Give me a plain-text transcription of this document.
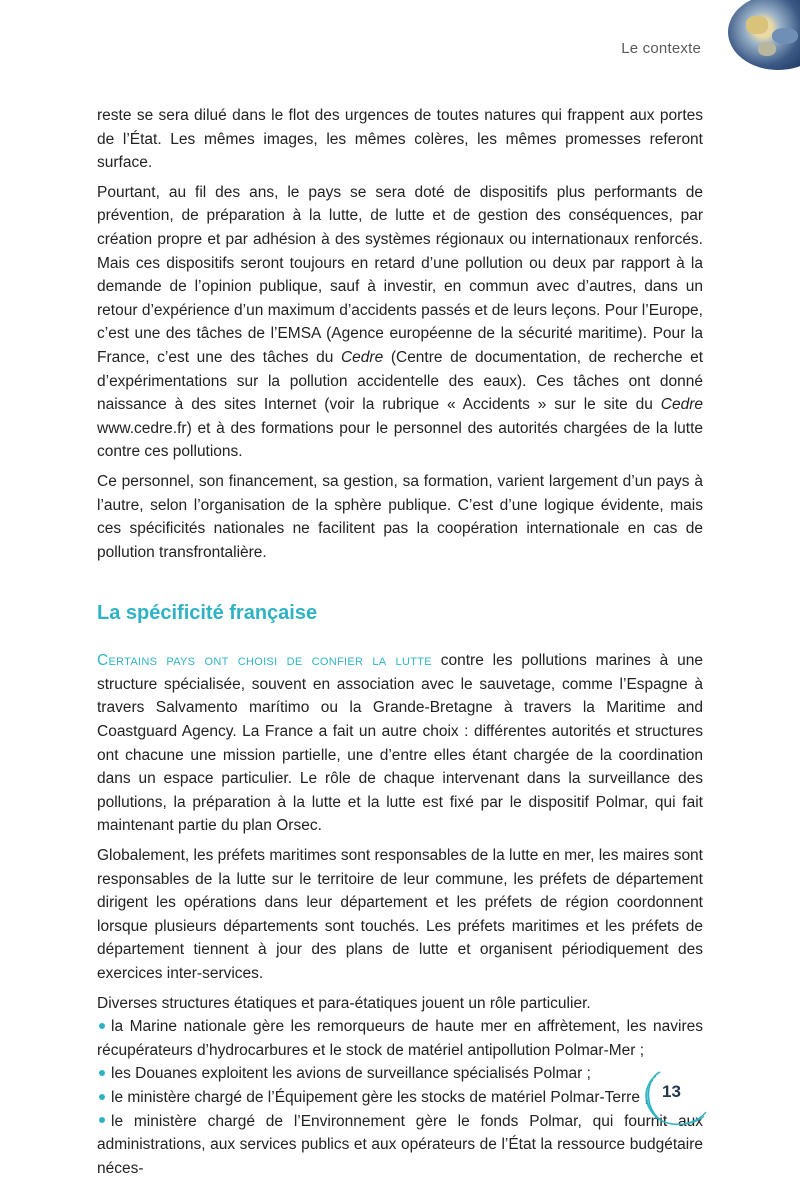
Le contexte

reste se sera dilué dans le flot des urgences de toutes natures qui frappent aux portes de l’État. Les mêmes images, les mêmes colères, les mêmes promesses referont surface.

Pourtant, au fil des ans, le pays se sera doté de dispositifs plus performants de prévention, de préparation à la lutte, de lutte et de gestion des conséquences, par création propre et par adhésion à des systèmes régionaux ou internationaux renforcés. Mais ces dispositifs seront toujours en retard d’une pollution ou deux par rapport à la demande de l’opinion publique, sauf à investir, en commun avec d’autres, dans un retour d’expérience d’un maximum d’accidents passés et de leurs leçons. Pour l’Europe, c’est une des tâches de l’EMSA (Agence européenne de la sécurité maritime). Pour la France, c’est une des tâches du Cedre (Centre de documentation, de recherche et d’expérimentations sur la pollution accidentelle des eaux). Ces tâches ont donné naissance à des sites Internet (voir la rubrique « Accidents » sur le site du Cedre www.cedre.fr) et à des formations pour le personnel des autorités chargées de la lutte contre ces pollutions.

Ce personnel, son financement, sa gestion, sa formation, varient largement d’un pays à l’autre, selon l’organisation de la sphère publique. C’est d’une logique évidente, mais ces spécificités nationales ne facilitent pas la coopération internationale en cas de pollution transfrontalière.

La spécificité française

Certains pays ont choisi de confier la lutte contre les pollutions marines à une structure spécialisée, souvent en association avec le sauvetage, comme l’Espagne à travers Salvamento marítimo ou la Grande-Bretagne à travers la Maritime and Coastguard Agency. La France a fait un autre choix : différentes autorités et structures ont chacune une mission partielle, une d’entre elles étant chargée de la coordination dans un espace particulier. Le rôle de chaque intervenant dans la surveillance des pollutions, la préparation à la lutte et la lutte est fixé par le dispositif Polmar, qui fait maintenant partie du plan Orsec.

Globalement, les préfets maritimes sont responsables de la lutte en mer, les maires sont responsables de la lutte sur le territoire de leur commune, les préfets de département dirigent les opérations dans leur département et les préfets de région coordonnent lorsque plusieurs départements sont touchés. Les préfets maritimes et les préfets de département tiennent à jour des plans de lutte et organisent périodiquement des exercices inter-services.

Diverses structures étatiques et para-étatiques jouent un rôle particulier.

la Marine nationale gère les remorqueurs de haute mer en affrètement, les navires récupérateurs d’hydrocarbures et le stock de matériel antipollution Polmar-Mer ;

les Douanes exploitent les avions de surveillance spécialisés Polmar ;

le ministère chargé de l’Équipement gère les stocks de matériel Polmar-Terre ;

le ministère chargé de l’Environnement gère le fonds Polmar, qui fournit aux administrations, aux services publics et aux opérateurs de l’État la ressource budgétaire néces-

13
